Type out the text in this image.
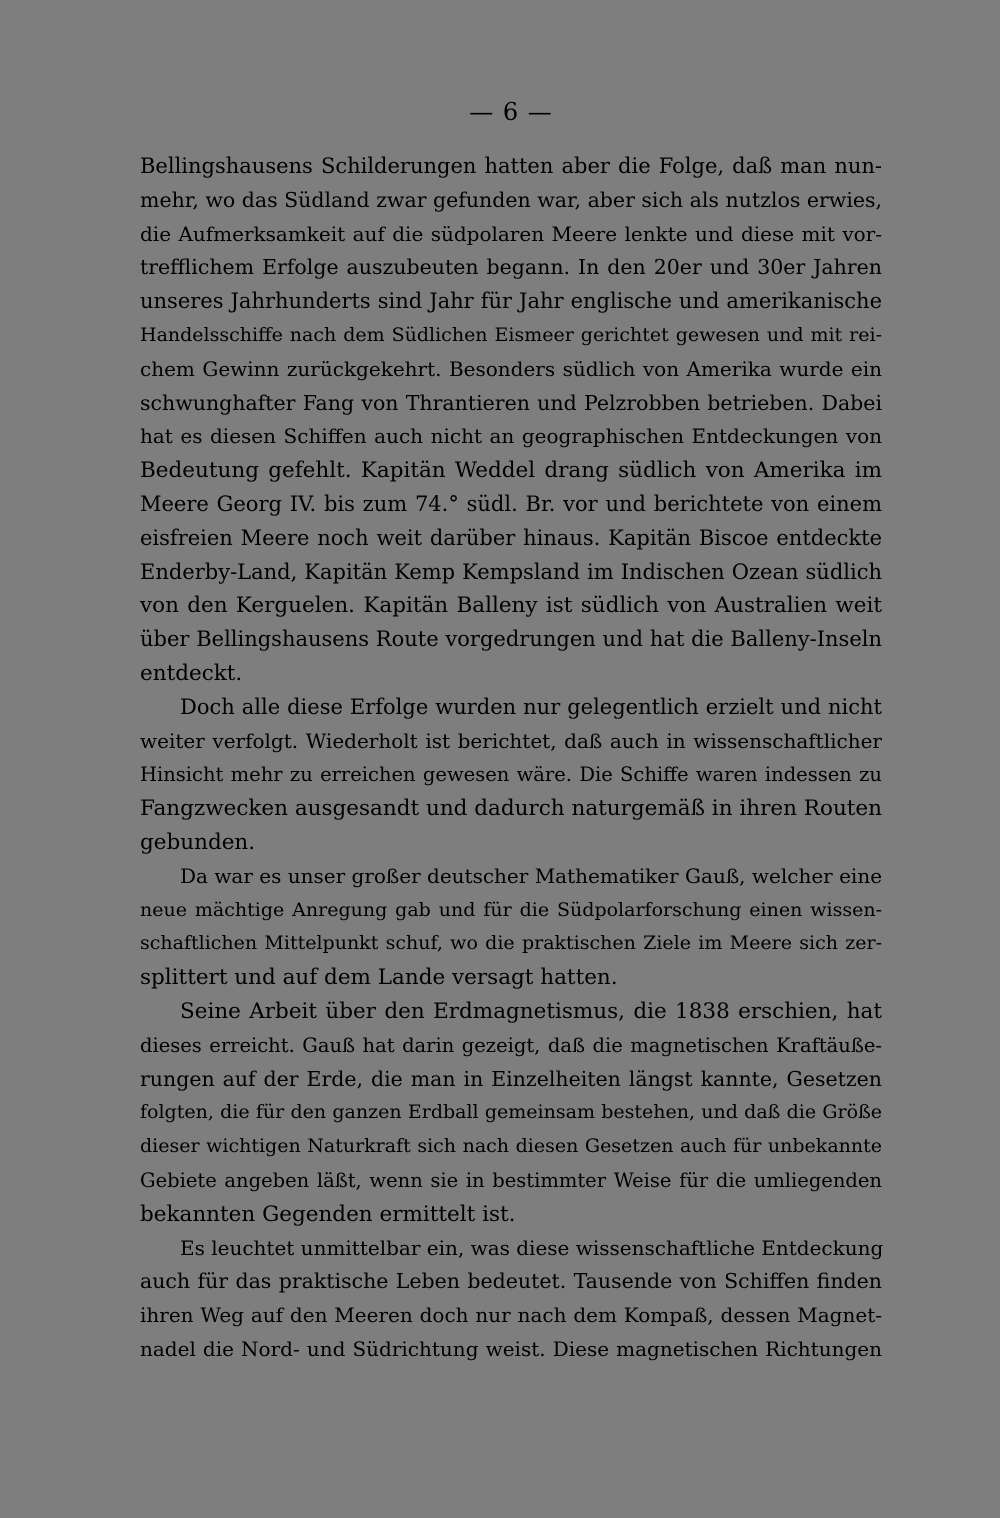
— 6 —
Bellingshausens Schilderungen hatten aber die Folge, daß man nun-
mehr, wo das Südland zwar gefunden war, aber sich als nutzlos erwies,
die Aufmerksamkeit auf die südpolaren Meere lenkte und diese mit vor-
trefflichem Erfolge auszubeuten begann. In den 20er und 30er Jahren
unseres Jahrhunderts sind Jahr für Jahr englische und amerikanische
Handelsschiffe nach dem Südlichen Eismeer gerichtet gewesen und mit rei-
chem Gewinn zurückgekehrt. Besonders südlich von Amerika wurde ein
schwunghafter Fang von Thrantieren und Pelzrobben betrieben. Dabei
hat es diesen Schiffen auch nicht an geographischen Entdeckungen von
Bedeutung gefehlt. Kapitän Weddel drang südlich von Amerika im
Meere Georg IV. bis zum 74.° südl. Br. vor und berichtete von einem
eisfreien Meere noch weit darüber hinaus. Kapitän Biscoe entdeckte
Enderby-Land, Kapitän Kemp Kempsland im Indischen Ozean südlich
von den Kerguelen. Kapitän Balleny ist südlich von Australien weit
über Bellingshausens Route vorgedrungen und hat die Balleny-Inseln
entdeckt.
Doch alle diese Erfolge wurden nur gelegentlich erzielt und nicht
weiter verfolgt. Wiederholt ist berichtet, daß auch in wissenschaftlicher
Hinsicht mehr zu erreichen gewesen wäre. Die Schiffe waren indessen zu
Fangzwecken ausgesandt und dadurch naturgemäß in ihren Routen
gebunden.
Da war es unser großer deutscher Mathematiker Gauß, welcher eine
neue mächtige Anregung gab und für die Südpolarforschung einen wissen-
schaftlichen Mittelpunkt schuf, wo die praktischen Ziele im Meere sich zer-
splittert und auf dem Lande versagt hatten.
Seine Arbeit über den Erdmagnetismus, die 1838 erschien, hat
dieses erreicht. Gauß hat darin gezeigt, daß die magnetischen Kraftäuße-
rungen auf der Erde, die man in Einzelheiten längst kannte, Gesetzen
folgten, die für den ganzen Erdball gemeinsam bestehen, und daß die Größe
dieser wichtigen Naturkraft sich nach diesen Gesetzen auch für unbekannte
Gebiete angeben läßt, wenn sie in bestimmter Weise für die umliegenden
bekannten Gegenden ermittelt ist.
Es leuchtet unmittelbar ein, was diese wissenschaftliche Entdeckung
auch für das praktische Leben bedeutet. Tausende von Schiffen finden
ihren Weg auf den Meeren doch nur nach dem Kompaß, dessen Magnet-
nadel die Nord- und Südrichtung weist. Diese magnetischen Richtungen
